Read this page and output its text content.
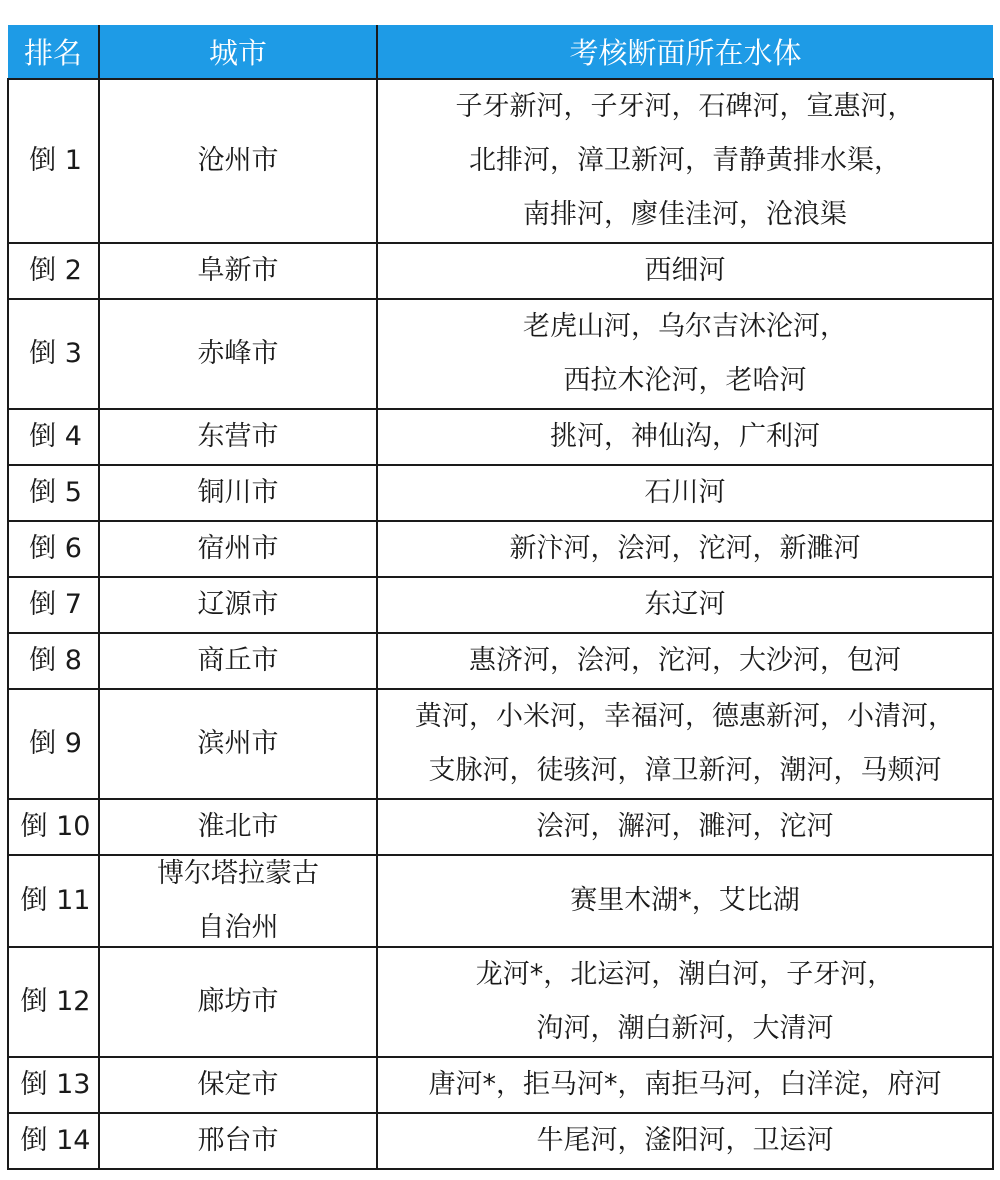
排名	城市	考核断面所在水体
倒 1	沧州市	子牙新河，子牙河，石碑河，宣惠河，
北排河，漳卫新河，青静黄排水渠，
南排河，廖佳洼河，沧浪渠

倒 2	阜新市	西细河

倒 3	赤峰市	老虎山河，乌尔吉沐沦河，
西拉木沦河，老哈河

倒 4	东营市	挑河，神仙沟，广利河

倒 5	铜川市	石川河

倒 6	宿州市	新汴河，浍河，沱河，新濉河

倒 7	辽源市	东辽河

倒 8	商丘市	惠济河，浍河，沱河，大沙河，包河

倒 9	滨州市	黄河，小米河，幸福河，德惠新河，小清河，
支脉河，徒骇河，漳卫新河，潮河，马颊河

倒 10	淮北市	浍河，澥河，濉河，沱河

倒 11	博尔塔拉蒙古
自治州	赛里木湖*，艾比湖

倒 12	廊坊市	龙河*，北运河，潮白河，子牙河，
泃河，潮白新河，大清河

倒 13	保定市	唐河*，拒马河*，南拒马河，白洋淀，府河

倒 14	邢台市	牛尾河，滏阳河，卫运河
